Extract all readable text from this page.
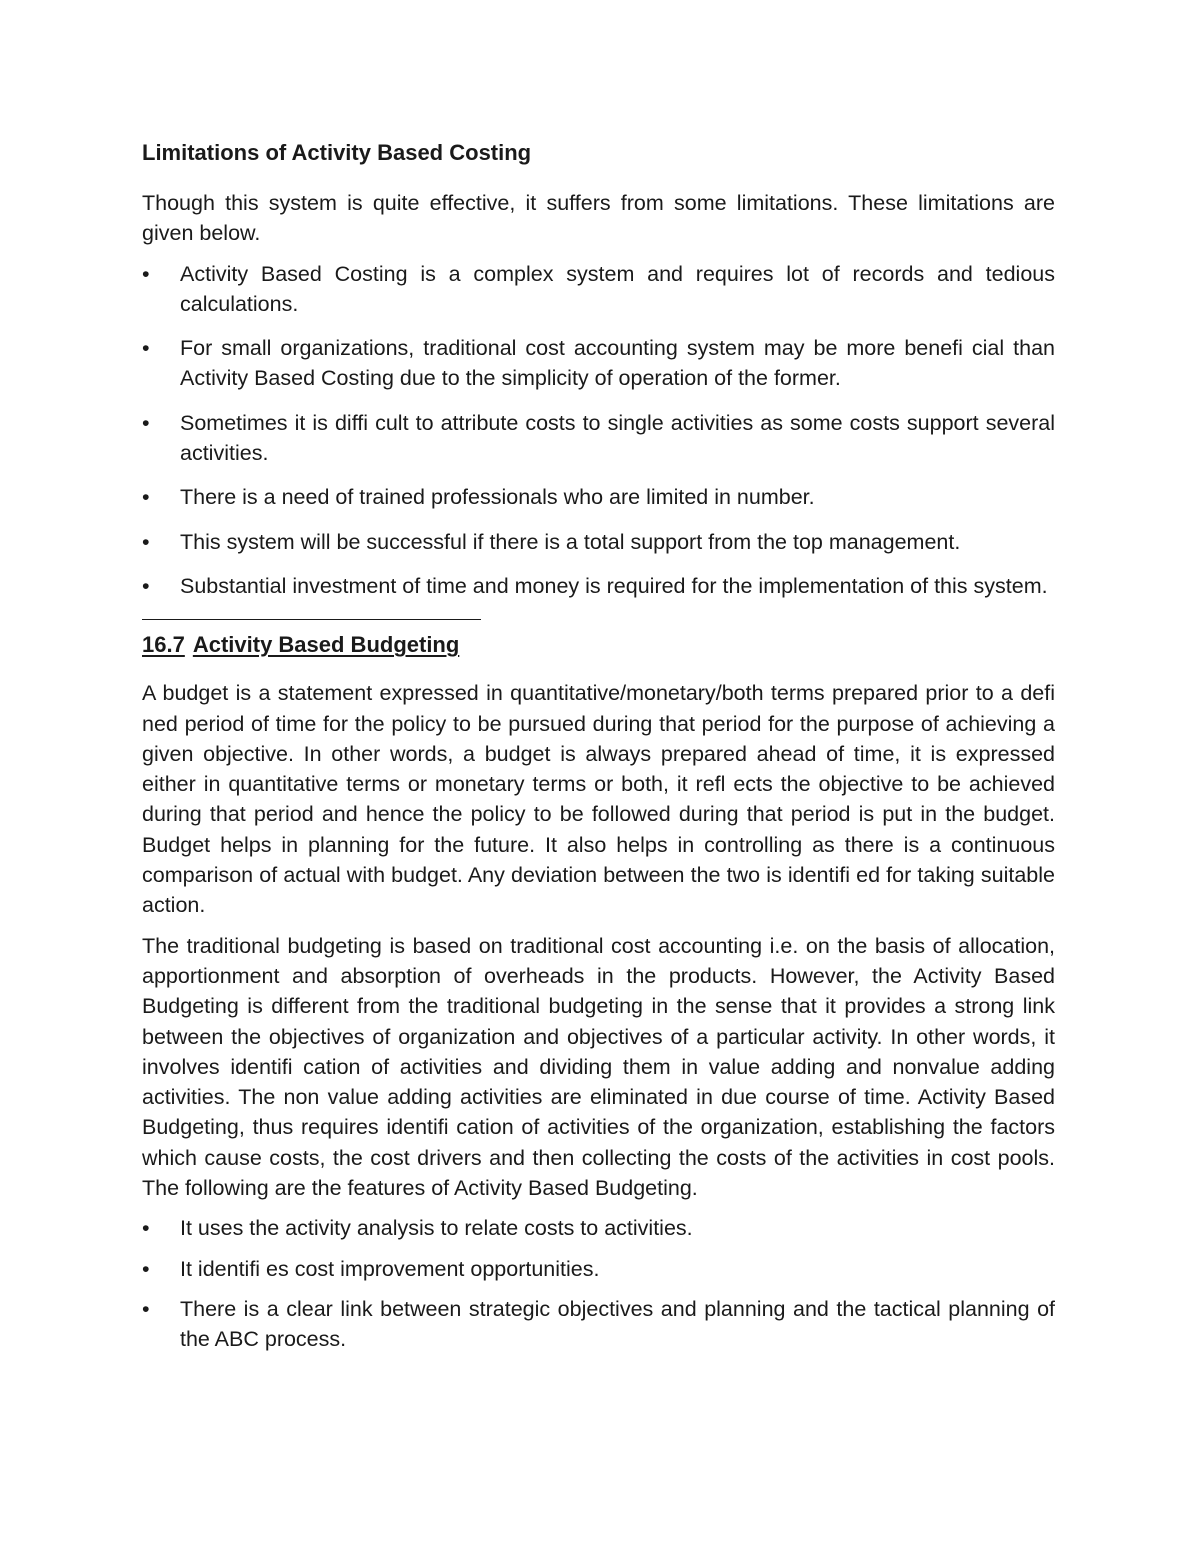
Limitations of Activity Based Costing

Though this system is quite effective, it suffers from some limitations. These limitations are given below.

•	Activity Based Costing is a complex system and requires lot of records and tedious calculations.
•	For small organizations, traditional cost accounting system may be more benefi cial than Activity Based Costing due to the simplicity of operation of the former.
•	Sometimes it is diffi cult to attribute costs to single activities as some costs support several activities.
•	There is a need of trained professionals who are limited in number.
•	This system will be successful if there is a total support from the top management.
•	Substantial investment of time and money is required for the implementation of this system.
16.7 Activity Based Budgeting

A budget is a statement expressed in quantitative/monetary/both terms prepared prior to a defi ned period of time for the policy to be pursued during that period for the purpose of achieving a given objective. In other words, a budget is always prepared ahead of time, it is expressed either in quantitative terms or monetary terms or both, it refl ects the objective to be achieved during that period and hence the policy to be followed during that period is put in the budget. Budget helps in planning for the future. It also helps in controlling as there is a continuous comparison of actual with budget. Any deviation between the two is identifi ed for taking suitable action.

The traditional budgeting is based on traditional cost accounting i.e. on the basis of allocation, apportionment and absorption of overheads in the products. However, the Activity Based Budgeting is different from the traditional budgeting in the sense that it provides a strong link between the objectives of organization and objectives of a particular activity. In other words, it involves identifi cation of activities and dividing them in value adding and nonvalue adding activities. The non value adding activities are eliminated in due course of time. Activity Based Budgeting, thus requires identifi cation of activities of the organization, establishing the factors which cause costs, the cost drivers and then collecting the costs of the activities in cost pools. The following are the features of Activity Based Budgeting.

•	It uses the activity analysis to relate costs to activities.
•	It identifi es cost improvement opportunities.
•	There is a clear link between strategic objectives and planning and the tactical planning of the ABC process.
